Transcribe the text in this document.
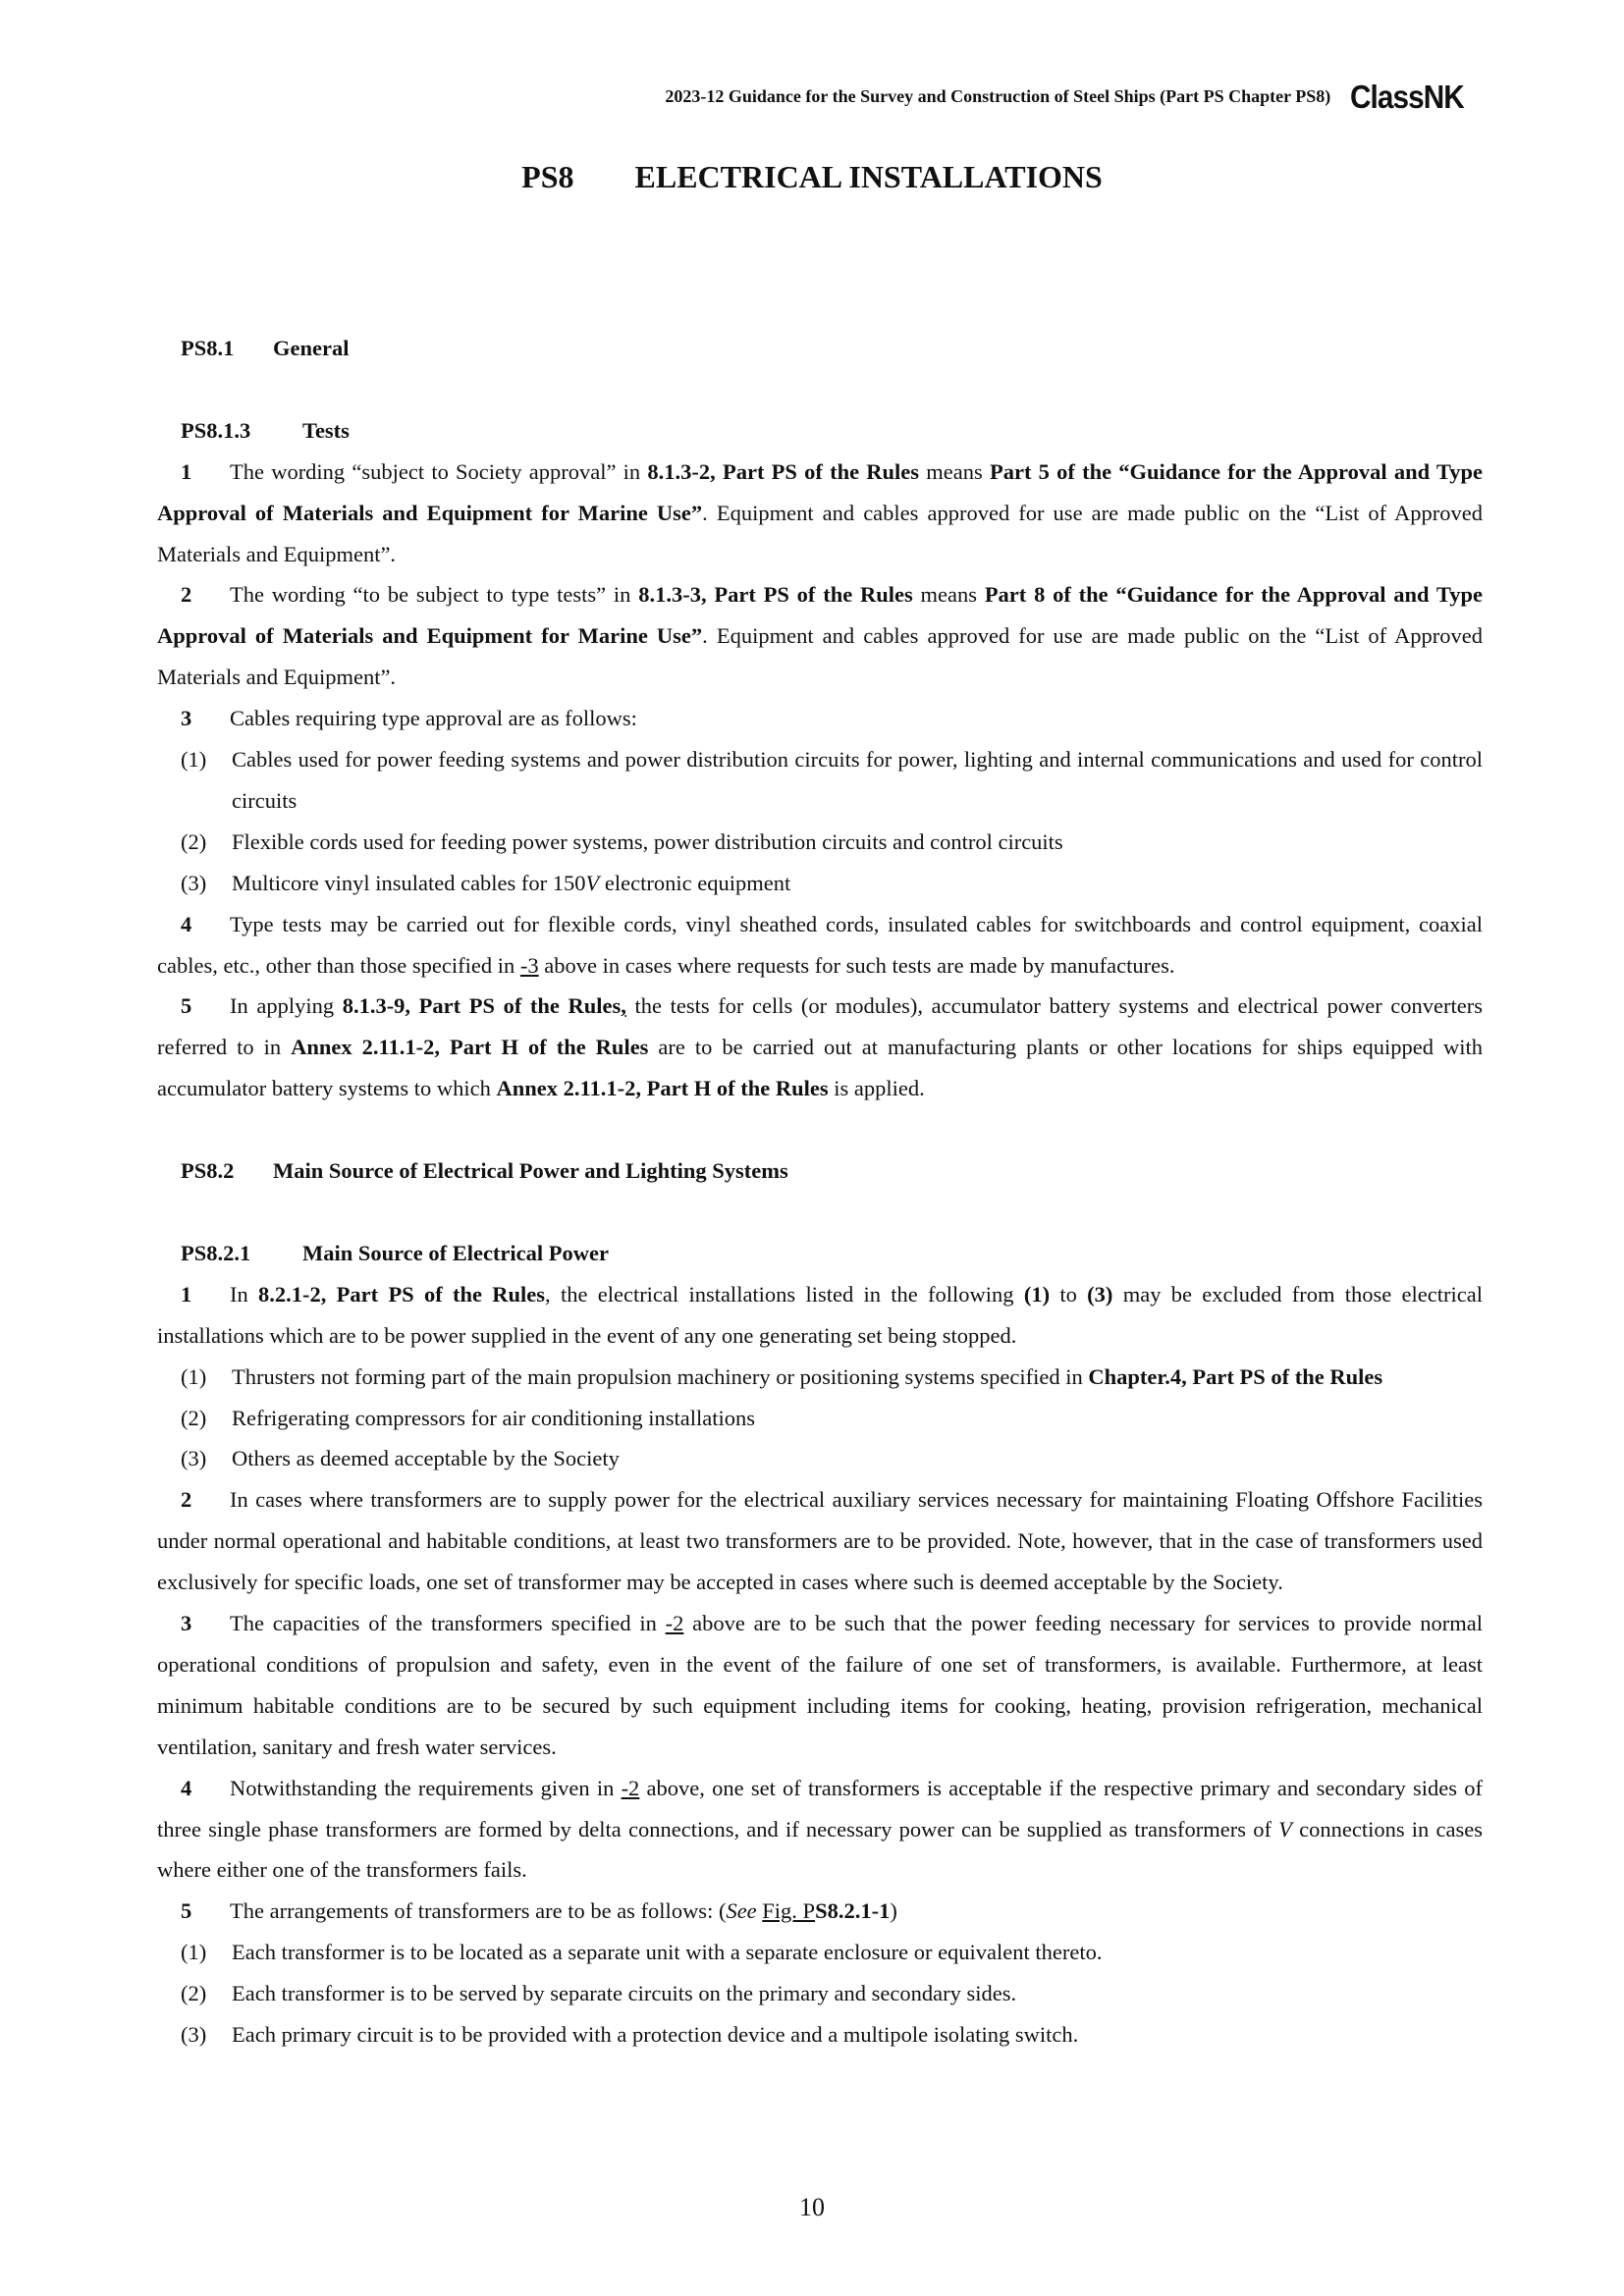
2023-12 Guidance for the Survey and Construction of Steel Ships (Part PS Chapter PS8) ClassNK
PS8 ELECTRICAL INSTALLATIONS

PS8.1 General

PS8.1.3 Tests

1 The wording “subject to Society approval” in 8.1.3-2, Part PS of the Rules means Part 5 of the “Guidance for the Approval and Type Approval of Materials and Equipment for Marine Use”. Equipment and cables approved for use are made public on the “List of Approved Materials and Equipment”.

2 The wording “to be subject to type tests” in 8.1.3-3, Part PS of the Rules means Part 8 of the “Guidance for the Approval and Type Approval of Materials and Equipment for Marine Use”. Equipment and cables approved for use are made public on the “List of Approved Materials and Equipment”.

3 Cables requiring type approval are as follows:

(1) Cables used for power feeding systems and power distribution circuits for power, lighting and internal communications and used for control circuits

(2) Flexible cords used for feeding power systems, power distribution circuits and control circuits

(3) Multicore vinyl insulated cables for 150V electronic equipment

4 Type tests may be carried out for flexible cords, vinyl sheathed cords, insulated cables for switchboards and control equipment, coaxial cables, etc., other than those specified in -3 above in cases where requests for such tests are made by manufactures.

5 In applying 8.1.3-9, Part PS of the Rules, the tests for cells (or modules), accumulator battery systems and electrical power converters referred to in Annex 2.11.1-2, Part H of the Rules are to be carried out at manufacturing plants or other locations for ships equipped with accumulator battery systems to which Annex 2.11.1-2, Part H of the Rules is applied.

PS8.2 Main Source of Electrical Power and Lighting Systems

PS8.2.1 Main Source of Electrical Power

1 In 8.2.1-2, Part PS of the Rules, the electrical installations listed in the following (1) to (3) may be excluded from those electrical installations which are to be power supplied in the event of any one generating set being stopped.

(1) Thrusters not forming part of the main propulsion machinery or positioning systems specified in Chapter.4, Part PS of the Rules

(2) Refrigerating compressors for air conditioning installations

(3) Others as deemed acceptable by the Society

2 In cases where transformers are to supply power for the electrical auxiliary services necessary for maintaining Floating Offshore Facilities under normal operational and habitable conditions, at least two transformers are to be provided. Note, however, that in the case of transformers used exclusively for specific loads, one set of transformer may be accepted in cases where such is deemed acceptable by the Society.

3 The capacities of the transformers specified in -2 above are to be such that the power feeding necessary for services to provide normal operational conditions of propulsion and safety, even in the event of the failure of one set of transformers, is available. Furthermore, at least minimum habitable conditions are to be secured by such equipment including items for cooking, heating, provision refrigeration, mechanical ventilation, sanitary and fresh water services.

4 Notwithstanding the requirements given in -2 above, one set of transformers is acceptable if the respective primary and secondary sides of three single phase transformers are formed by delta connections, and if necessary power can be supplied as transformers of V connections in cases where either one of the transformers fails.

5 The arrangements of transformers are to be as follows: (See Fig. PS8.2.1-1)

(1) Each transformer is to be located as a separate unit with a separate enclosure or equivalent thereto.

(2) Each transformer is to be served by separate circuits on the primary and secondary sides.

(3) Each primary circuit is to be provided with a protection device and a multipole isolating switch.

10
